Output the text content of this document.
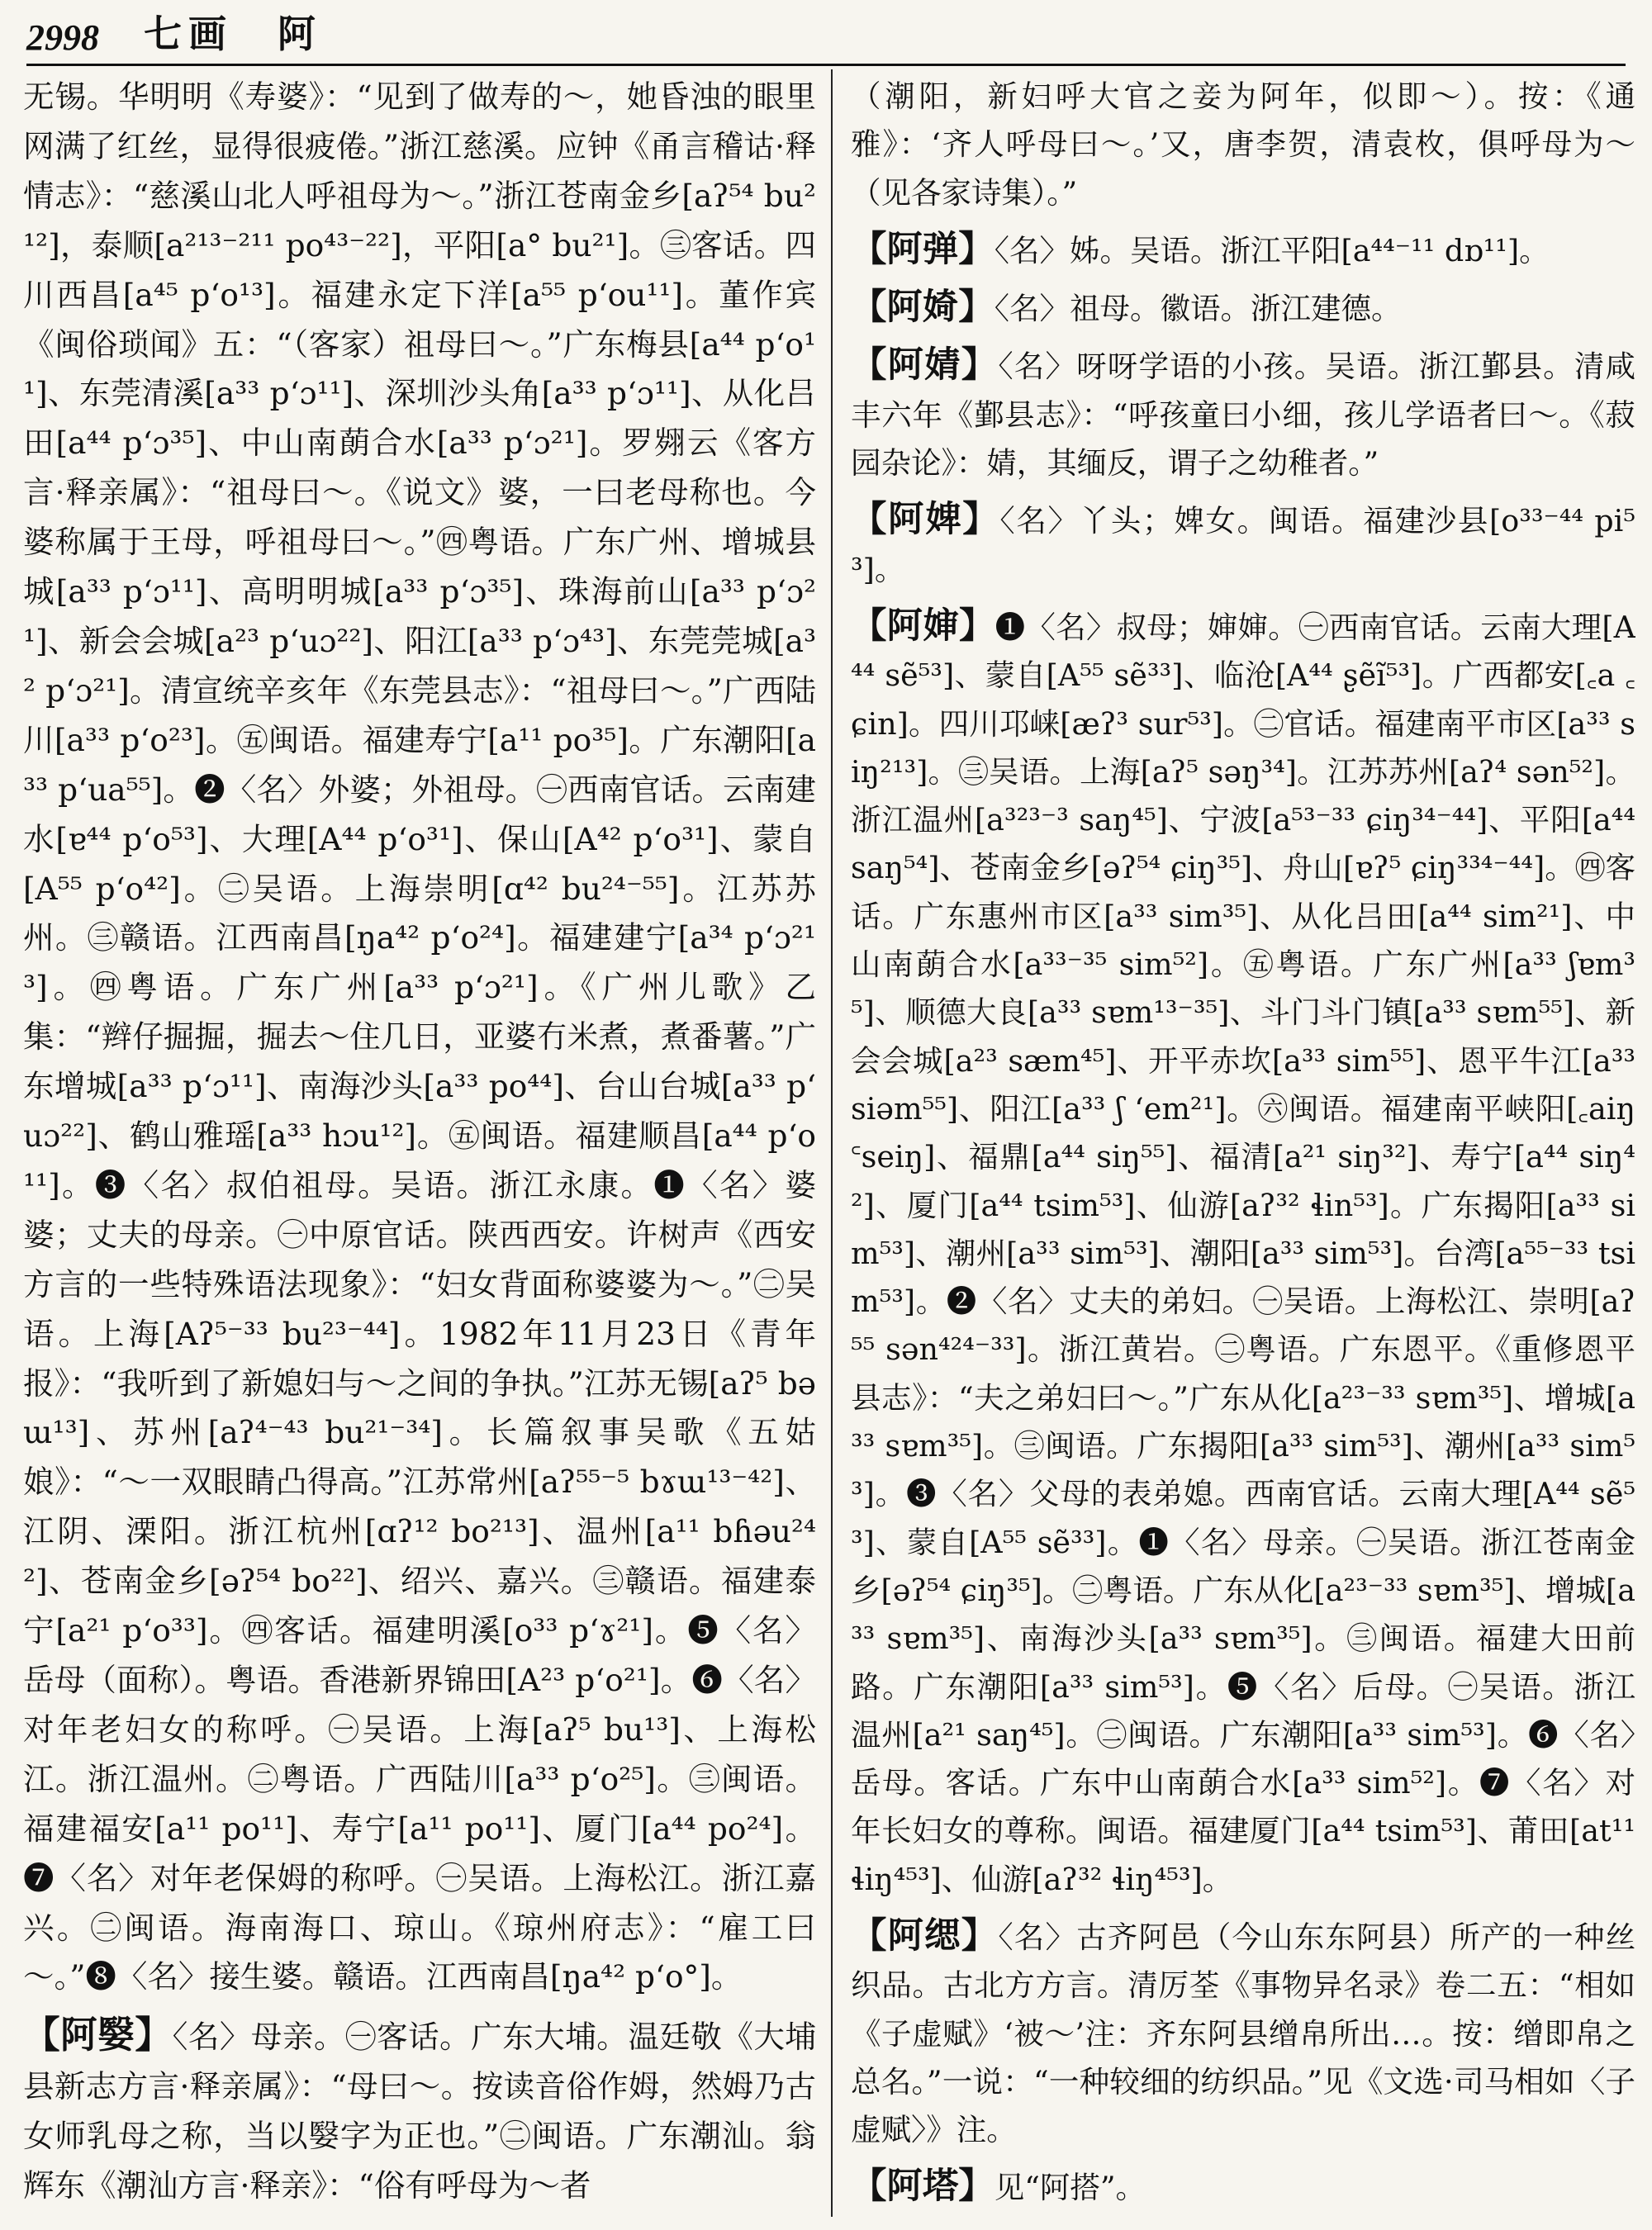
2998 七画　阿

无锡。华明明《寿婆》：“见到了做寿的～，她昏浊的眼里网满了红丝，显得很疲倦。”浙江慈溪。应钟《甬言稽诂·释情志》：“慈溪山北人呼祖母为～。”浙江苍南金乡[aʔ⁵⁴ bu²¹²]，泰顺[a²¹³⁻²¹¹ po⁴³⁻²²]，平阳[a° bu²¹]。㊂客话。四川西昌[a⁴⁵ pʻo¹³]。福建永定下洋[a⁵⁵ pʻou¹¹]。董作宾《闽俗琐闻》五：“（客家）祖母曰～。”广东梅县[a⁴⁴ pʻo¹¹]、东莞清溪[a³³ pʻɔ¹¹]、深圳沙头角[a³³ pʻɔ¹¹]、从化吕田[a⁴⁴ pʻɔ³⁵]、中山南蓢合水[a³³ pʻɔ²¹]。罗翙云《客方言·释亲属》：“祖母曰～。《说文》婆，一曰老母称也。今婆称属于王母，呼祖母曰～。”㊃粤语。广东广州、增城县城[a³³ pʻɔ¹¹]、高明明城[a³³ pʻɔ³⁵]、珠海前山[a³³ pʻɔ²¹]、新会会城[a²³ pʻuɔ²²]、阳江[a³³ pʻɔ⁴³]、东莞莞城[a³² pʻɔ²¹]。清宣统辛亥年《东莞县志》：“祖母曰～。”广西陆川[a³³ pʻo²³]。㊄闽语。福建寿宁[a¹¹ po³⁵]。广东潮阳[a³³ pʻua⁵⁵]。❷〈名〉外婆；外祖母。㊀西南官话。云南建水[ɐ⁴⁴ pʻo⁵³]、大理[A⁴⁴ pʻo³¹]、保山[A⁴² pʻo³¹]、蒙自[A⁵⁵ pʻo⁴²]。㊁吴语。上海崇明[ɑ⁴² bu²⁴⁻⁵⁵]。江苏苏州。㊂赣语。江西南昌[ŋa⁴² pʻo²⁴]。福建建宁[a³⁴ pʻɔ²¹³]。㊃粤语。广东广州[a³³ pʻɔ²¹]。《广州儿歌》乙集：“辫仔掘掘，掘去～住几日，亚婆冇米煮，煮番薯。”广东增城[a³³ pʻɔ¹¹]、南海沙头[a³³ po⁴⁴]、台山台城[a³³ pʻuɔ²²]、鹤山雅瑶[a³³ hɔu¹²]。㊄闽语。福建顺昌[a⁴⁴ pʻo¹¹]。❸〈名〉叔伯祖母。吴语。浙江永康。❶〈名〉婆婆；丈夫的母亲。㊀中原官话。陕西西安。许树声《西安方言的一些特殊语法现象》：“妇女背面称婆婆为～。”㊁吴语。上海[Aʔ⁵⁻³³ bu²³⁻⁴⁴]。1982年11月23日《青年报》：“我听到了新媳妇与～之间的争执。”江苏无锡[aʔ⁵ bəɯ¹³]、苏州[aʔ⁴⁻⁴³ bu²¹⁻³⁴]。长篇叙事吴歌《五姑娘》：“～一双眼睛凸得高。”江苏常州[aʔ⁵⁵⁻⁵ bɤɯ¹³⁻⁴²]、江阴、溧阳。浙江杭州[ɑʔ¹² bo²¹³]、温州[a¹¹ bɦəu²⁴²]、苍南金乡[əʔ⁵⁴ bo²²]、绍兴、嘉兴。㊂赣语。福建泰宁[a²¹ pʻo³³]。㊃客话。福建明溪[o³³ pʻɤ²¹]。❺〈名〉岳母（面称）。粤语。香港新界锦田[A²³ pʻo²¹]。❻〈名〉对年老妇女的称呼。㊀吴语。上海[aʔ⁵ bu¹³]、上海松江。浙江温州。㊁粤语。广西陆川[a³³ pʻo²⁵]。㊂闽语。福建福安[a¹¹ po¹¹]、寿宁[a¹¹ po¹¹]、厦门[a⁴⁴ po²⁴]。❼〈名〉对年老保姆的称呼。㊀吴语。上海松江。浙江嘉兴。㊁闽语。海南海口、琼山。《琼州府志》：“雇工曰～。”❽〈名〉接生婆。赣语。江西南昌[ŋa⁴² pʻo°]。

【阿嫛】〈名〉母亲。㊀客话。广东大埔。温廷敬《大埔县新志方言·释亲属》：“母曰～。按读音俗作姆，然姆乃古女师乳母之称，当以嫛字为正也。”㊁闽语。广东潮汕。翁辉东《潮汕方言·释亲》：“俗有呼母为～者

（潮阳，新妇呼大官之妾为阿年，似即～）。按：《通雅》：‘齐人呼母曰～。’又，唐李贺，清袁枚，俱呼母为～（见各家诗集）。”

【阿弹】〈名〉姊。吴语。浙江平阳[a⁴⁴⁻¹¹ dɒ¹¹]。

【阿婍】〈名〉祖母。徽语。浙江建德。

【阿婧】〈名〉呀呀学语的小孩。吴语。浙江鄞县。清咸丰六年《鄞县志》：“呼孩童曰小细，孩儿学语者曰～。《菽园杂论》：婧，其缅反，谓子之幼稚者。”

【阿婢】〈名〉丫头；婢女。闽语。福建沙县[o³³⁻⁴⁴ pi⁵³]。

【阿婶】❶〈名〉叔母；婶婶。㊀西南官话。云南大理[A⁴⁴ sẽ⁵³]、蒙自[A⁵⁵ sẽ³³]、临沧[A⁴⁴ ʂẽĩ⁵³]。广西都安[꜀a ꜀ɕin]。四川邛崃[æʔ³ sur⁵³]。㊁官话。福建南平市区[a³³ siŋ²¹³]。㊂吴语。上海[aʔ⁵ səŋ³⁴]。江苏苏州[aʔ⁴ sən⁵²]。浙江温州[a³²³⁻³ saŋ⁴⁵]、宁波[a⁵³⁻³³ ɕiŋ³⁴⁻⁴⁴]、平阳[a⁴⁴ saŋ⁵⁴]、苍南金乡[əʔ⁵⁴ ɕiŋ³⁵]、舟山[ɐʔ⁵ ɕiŋ³³⁴⁻⁴⁴]。㊃客话。广东惠州市区[a³³ sim³⁵]、从化吕田[a⁴⁴ sim²¹]、中山南蓢合水[a³³⁻³⁵ sim⁵²]。㊄粤语。广东广州[a³³ ʃɐm³⁵]、顺德大良[a³³ sɐm¹³⁻³⁵]、斗门斗门镇[a³³ sɐm⁵⁵]、新会会城[a²³ sæm⁴⁵]、开平赤坎[a³³ sim⁵⁵]、恩平牛江[a³³ siəm⁵⁵]、阳江[a³³ ʃ ʻem²¹]。㊅闽语。福建南平峡阳[꜀aiŋ ꜂seiŋ]、福鼎[a⁴⁴ siŋ⁵⁵]、福清[a²¹ siŋ³²]、寿宁[a⁴⁴ siŋ⁴²]、厦门[a⁴⁴ tsim⁵³]、仙游[aʔ³² ɬin⁵³]。广东揭阳[a³³ sim⁵³]、潮州[a³³ sim⁵³]、潮阳[a³³ sim⁵³]。台湾[a⁵⁵⁻³³ tsim⁵³]。❷〈名〉丈夫的弟妇。㊀吴语。上海松江、崇明[aʔ⁵⁵ sən⁴²⁴⁻³³]。浙江黄岩。㊁粤语。广东恩平。《重修恩平县志》：“夫之弟妇曰～。”广东从化[a²³⁻³³ sɐm³⁵]、增城[a³³ sɐm³⁵]。㊂闽语。广东揭阳[a³³ sim⁵³]、潮州[a³³ sim⁵³]。❸〈名〉父母的表弟媳。西南官话。云南大理[A⁴⁴ sẽ⁵³]、蒙自[A⁵⁵ sẽ³³]。❶〈名〉母亲。㊀吴语。浙江苍南金乡[əʔ⁵⁴ ɕiŋ³⁵]。㊁粤语。广东从化[a²³⁻³³ sɐm³⁵]、增城[a³³ sɐm³⁵]、南海沙头[a³³ sɐm³⁵]。㊂闽语。福建大田前路。广东潮阳[a³³ sim⁵³]。❺〈名〉后母。㊀吴语。浙江温州[a²¹ saŋ⁴⁵]。㊁闽语。广东潮阳[a³³ sim⁵³]。❻〈名〉岳母。客话。广东中山南蓢合水[a³³ sim⁵²]。❼〈名〉对年长妇女的尊称。闽语。福建厦门[a⁴⁴ tsim⁵³]、莆田[at¹¹ ɬiŋ⁴⁵³]、仙游[aʔ³² ɬiŋ⁴⁵³]。

【阿缌】〈名〉古齐阿邑（今山东东阿县）所产的一种丝织品。古北方方言。清厉荃《事物异名录》卷二五：“相如《子虚赋》‘被～’注：齐东阿县缯帛所出…。按：缯即帛之总名。”一说：“一种较细的纺织品。”见《文选·司马相如〈子虚赋〉》注。

【阿塔】见“阿搭”。
